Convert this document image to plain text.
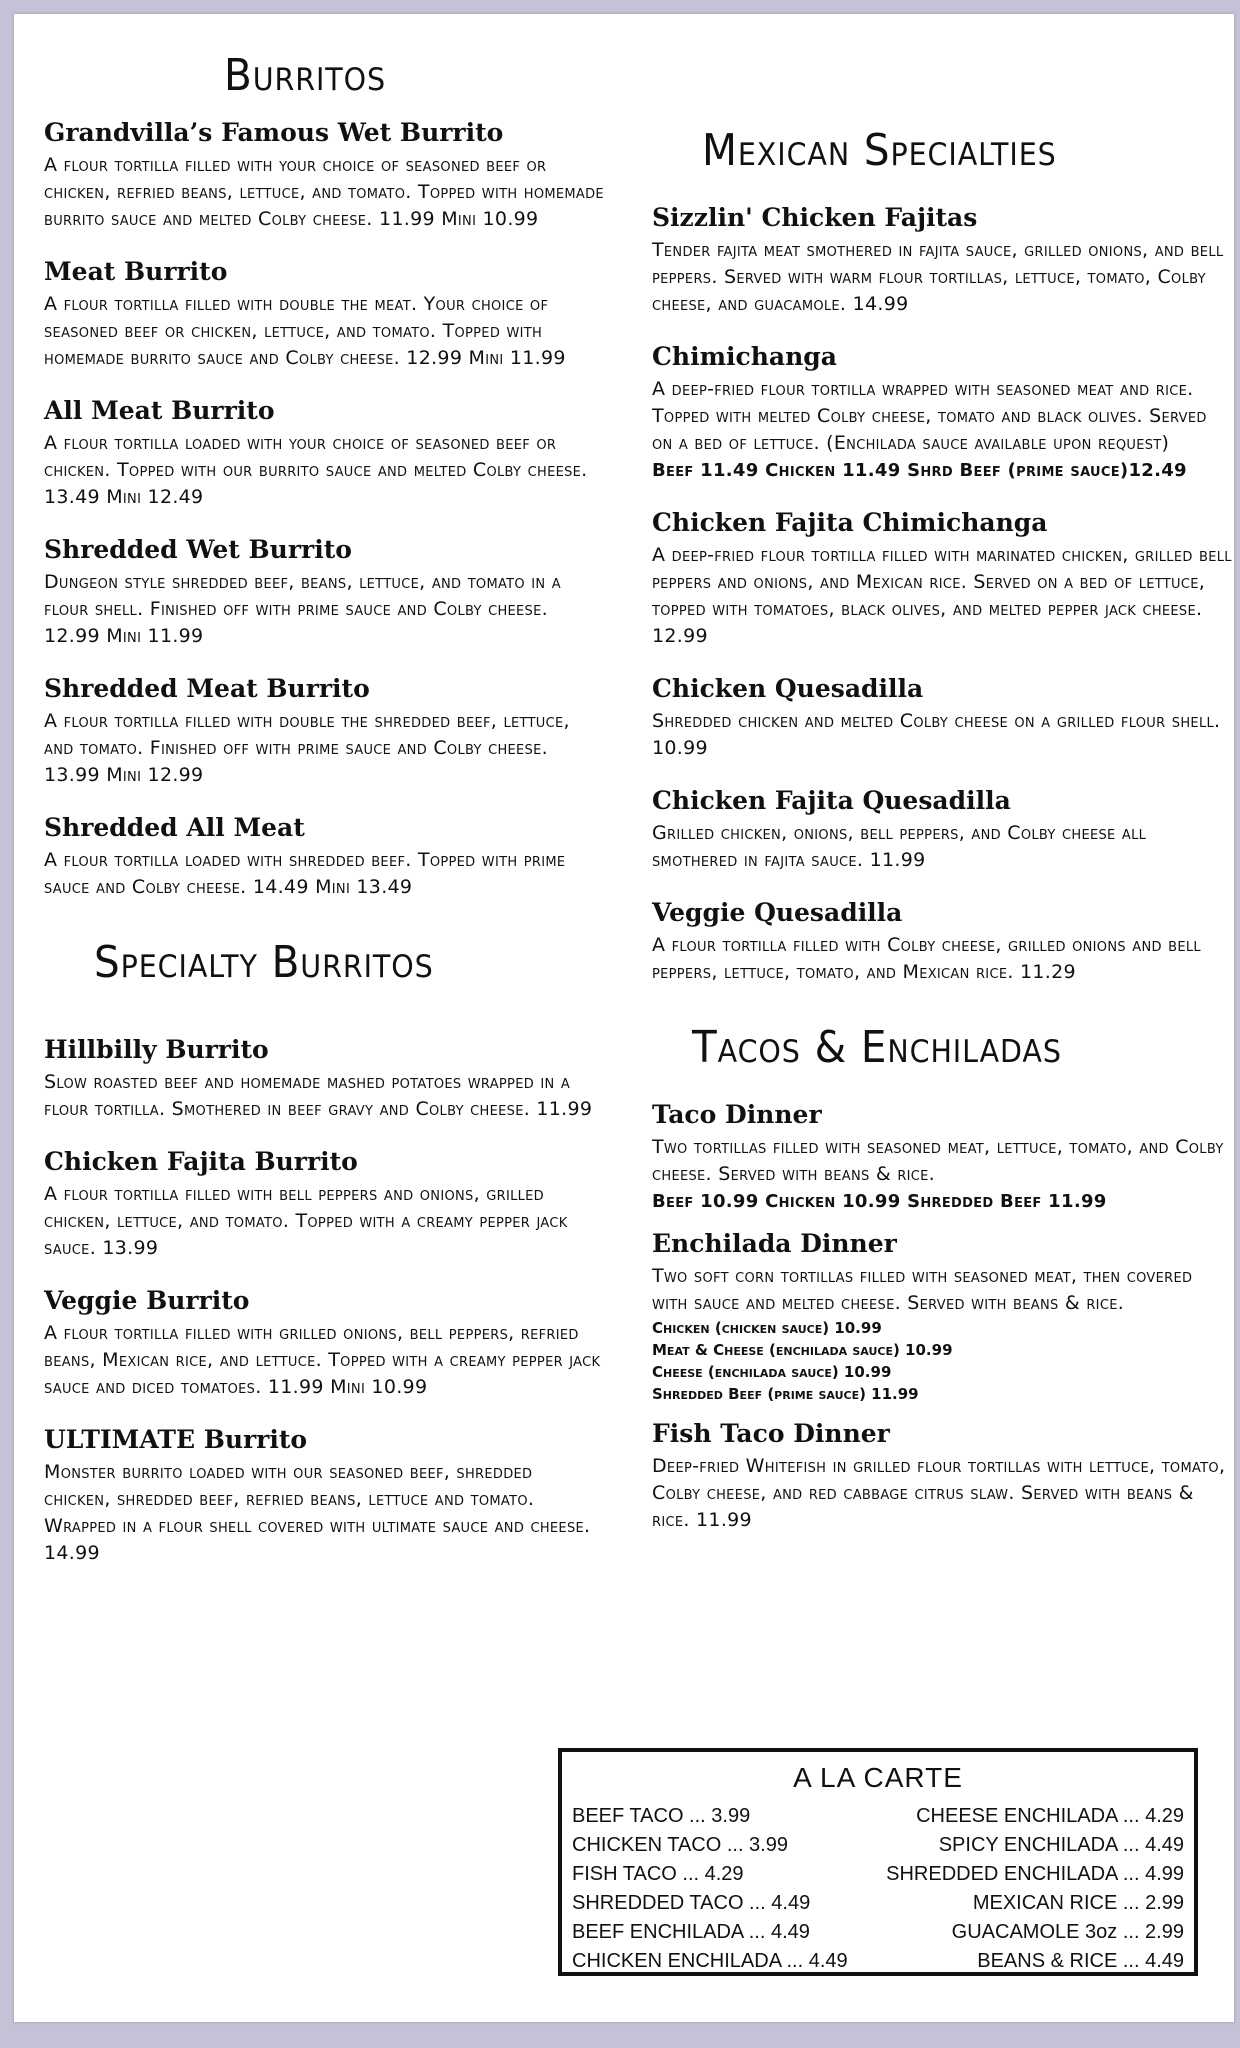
Burritos
Grandvilla’s Famous Wet Burrito

A flour tortilla filled with your choice of seasoned beef or chicken, refried beans, lettuce, and tomato. Topped with homemade burrito sauce and melted Colby cheese. 11.99 Mini 10.99

Meat Burrito

A flour tortilla filled with double the meat. Your choice of seasoned beef or chicken, lettuce, and tomato. Topped with homemade burrito sauce and Colby cheese. 12.99 Mini 11.99

All Meat Burrito

A flour tortilla loaded with your choice of seasoned beef or chicken. Topped with our burrito sauce and melted Colby cheese. 13.49 Mini 12.49

Shredded Wet Burrito

Dungeon style shredded beef, beans, lettuce, and tomato in a flour shell. Finished off with prime sauce and Colby cheese. 12.99 Mini 11.99

Shredded Meat Burrito

A flour tortilla filled with double the shredded beef, lettuce, and tomato. Finished off with prime sauce and Colby cheese. 13.99 Mini 12.99

Shredded All Meat

A flour tortilla loaded with shredded beef. Topped with prime sauce and Colby cheese. 14.49 Mini 13.49

Specialty Burritos
Hillbilly Burrito

Slow roasted beef and homemade mashed potatoes wrapped in a flour tortilla. Smothered in beef gravy and Colby cheese. 11.99

Chicken Fajita Burrito

A flour tortilla filled with bell peppers and onions, grilled chicken, lettuce, and tomato. Topped with a creamy pepper jack sauce. 13.99

Veggie Burrito

A flour tortilla filled with grilled onions, bell peppers, refried beans, Mexican rice, and lettuce. Topped with a creamy pepper jack sauce and diced tomatoes. 11.99 Mini 10.99

ULTIMATE Burrito

Monster burrito loaded with our seasoned beef, shredded chicken, shredded beef, refried beans, lettuce and tomato. Wrapped in a flour shell covered with ultimate sauce and cheese. 14.99

Mexican Specialties
Sizzlin' Chicken Fajitas

Tender fajita meat smothered in fajita sauce, grilled onions, and bell peppers. Served with warm flour tortillas, lettuce, tomato, Colby cheese, and guacamole. 14.99

Chimichanga

A deep-fried flour tortilla wrapped with seasoned meat and rice. Topped with melted Colby cheese, tomato and black olives. Served on a bed of lettuce. (Enchilada sauce available upon request)

Beef 11.49 Chicken 11.49 Shrd Beef (prime sauce)12.49

Chicken Fajita Chimichanga

A deep-fried flour tortilla filled with marinated chicken, grilled bell peppers and onions, and Mexican rice. Served on a bed of lettuce, topped with tomatoes, black olives, and melted pepper jack cheese. 12.99

Chicken Quesadilla

Shredded chicken and melted Colby cheese on a grilled flour shell. 10.99

Chicken Fajita Quesadilla

Grilled chicken, onions, bell peppers, and Colby cheese all smothered in fajita sauce. 11.99

Veggie Quesadilla

A flour tortilla filled with Colby cheese, grilled onions and bell peppers, lettuce, tomato, and Mexican rice. 11.29

Tacos & Enchiladas
Taco Dinner

Two tortillas filled with seasoned meat, lettuce, tomato, and Colby cheese. Served with beans & rice.

Beef 10.99 Chicken 10.99 Shredded Beef 11.99

Enchilada Dinner

Two soft corn tortillas filled with seasoned meat, then covered with sauce and melted cheese. Served with beans & rice.

Chicken (chicken sauce) 10.99
Meat & Cheese (enchilada sauce) 10.99
Cheese (enchilada sauce) 10.99
Shredded Beef (prime sauce) 11.99
Fish Taco Dinner

Deep-fried Whitefish in grilled flour tortillas with lettuce, tomato, Colby cheese, and red cabbage citrus slaw. Served with beans & rice. 11.99

A LA CARTE
BEEF TACO ... 3.99
CHICKEN TACO ... 3.99
FISH TACO ... 4.29
SHREDDED TACO ... 4.49
BEEF ENCHILADA ... 4.49
CHICKEN ENCHILADA ... 4.49
CHEESE ENCHILADA ... 4.29
SPICY ENCHILADA ... 4.49
SHREDDED ENCHILADA ... 4.99
MEXICAN RICE ... 2.99
GUACAMOLE 3oz ... 2.99
BEANS & RICE ... 4.49
